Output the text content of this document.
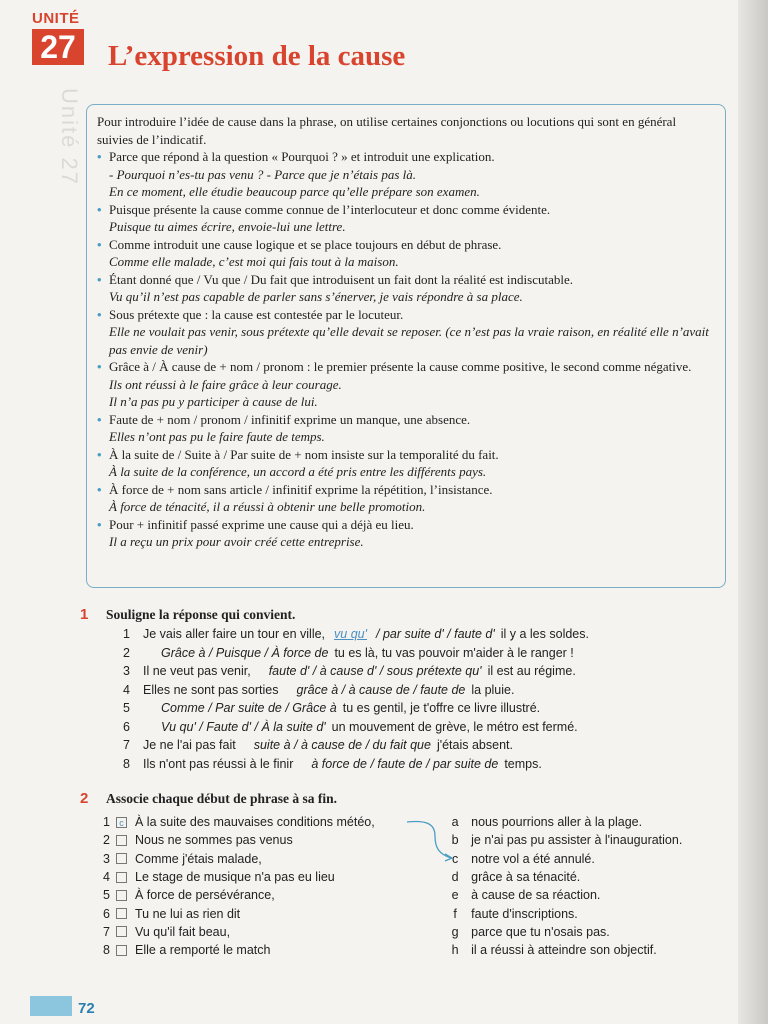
Unité 27
UNITÉ
27 L’expression de la cause

Pour introduire l’idée de cause dans la phrase, on utilise certaines conjonctions ou locutions qui sont en général suivies de l’indicatif.

• Parce que répond à la question « Pourquoi ? » et introduit une explication.

- Pourquoi n’es-tu pas venu ? - Parce que je n’étais pas là.

En ce moment, elle étudie beaucoup parce qu’elle prépare son examen.

• Puisque présente la cause comme connue de l’interlocuteur et donc comme évidente.

Puisque tu aimes écrire, envoie-lui une lettre.

• Comme introduit une cause logique et se place toujours en début de phrase.

Comme elle malade, c’est moi qui fais tout à la maison.

• Étant donné que / Vu que / Du fait que introduisent un fait dont la réalité est indiscutable.

Vu qu’il n’est pas capable de parler sans s’énerver, je vais répondre à sa place.

• Sous prétexte que : la cause est contestée par le locuteur.

Elle ne voulait pas venir, sous prétexte qu’elle devait se reposer. (ce n’est pas la vraie raison, en réalité elle n’avait pas envie de venir)

• Grâce à / À cause de + nom / pronom : le premier présente la cause comme positive, le second comme négative.

Ils ont réussi à le faire grâce à leur courage.

Il n’a pas pu y participer à cause de lui.

• Faute de + nom / pronom / infinitif exprime un manque, une absence.

Elles n’ont pas pu le faire faute de temps.

• À la suite de / Suite à / Par suite de + nom insiste sur la temporalité du fait.

À la suite de la conférence, un accord a été pris entre les différents pays.

• À force de + nom sans article / infinitif exprime la répétition, l’insistance.

À force de ténacité, il a réussi à obtenir une belle promotion.

• Pour + infinitif passé exprime une cause qui a déjà eu lieu.

Il a reçu un prix pour avoir créé cette entreprise.

1	Souligne la réponse qui convient.
1	Je vais aller faire un tour en ville, vu qu' / par suite d' / faute d' il y a les soldes.
2	Grâce à / Puisque / À force de tu es là, tu vas pouvoir m'aider à le ranger !
3	Il ne veut pas venir, faute d' / à cause d' / sous prétexte qu' il est au régime.
4	Elles ne sont pas sorties grâce à / à cause de / faute de la pluie.
5	Comme / Par suite de / Grâce à tu es gentil, je t'offre ce livre illustré.
6	Vu qu' / Faute d' / À la suite d' un mouvement de grève, le métro est fermé.
7	Je ne l'ai pas fait suite à / à cause de / du fait que j'étais absent.
8	Ils n'ont pas réussi à le finir à force de / faute de / par suite de temps.
2	Associe chaque début de phrase à sa fin.
1	c À la suite des mauvaises conditions météo,
2	Nous ne sommes pas venus
3	Comme j'étais malade,
4	Le stage de musique n'a pas eu lieu
5	À force de persévérance,
6	Tu ne lui as rien dit
7	Vu qu'il fait beau,
8	Elle a remporté le match
a	nous pourrions aller à la plage.
b	je n'ai pas pu assister à l'inauguration.
c	notre vol a été annulé.
d	grâce à sa ténacité.
e	à cause de sa réaction.
f	faute d'inscriptions.
g	parce que tu n'osais pas.
h	il a réussi à atteindre son objectif.
72
